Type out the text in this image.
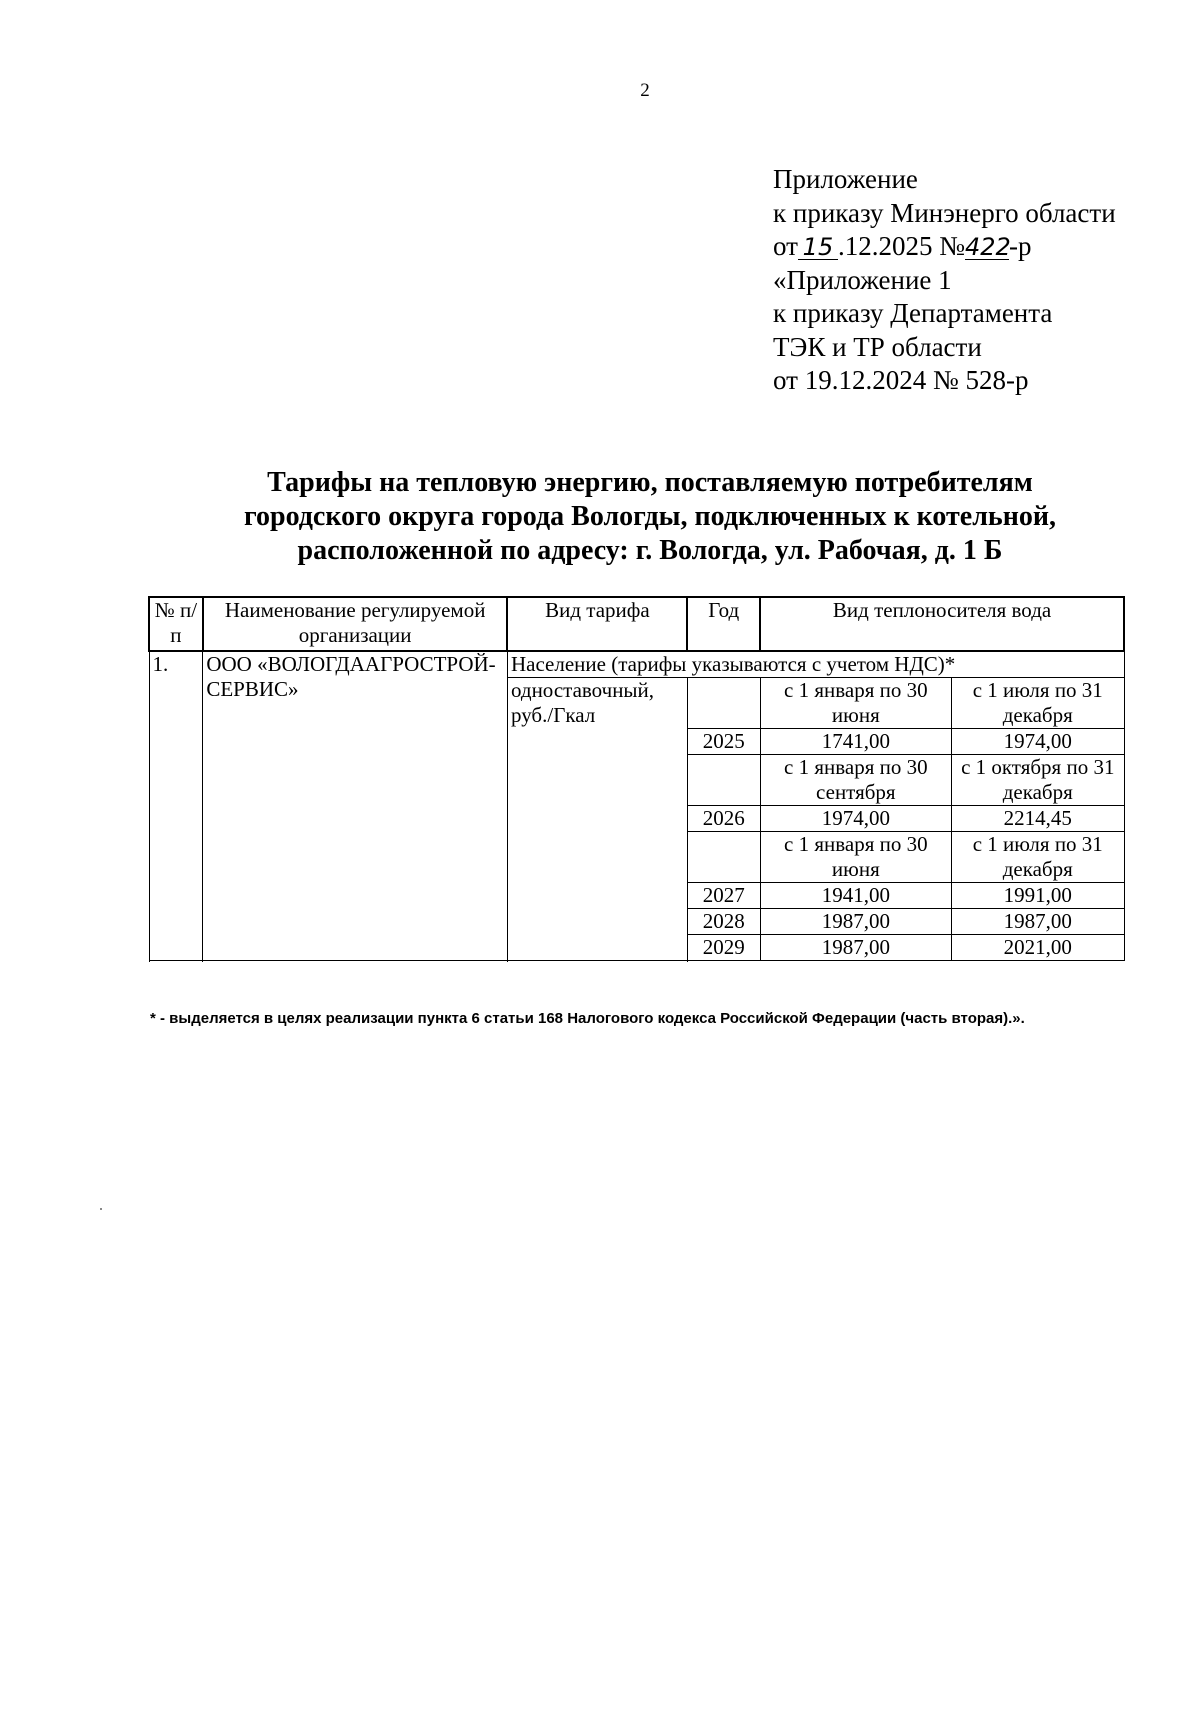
2
Приложение
к приказу Минэнерго области
от 15 .12.2025 №422-р
«Приложение 1
к приказу Департамента
ТЭК и ТР области
от 19.12.2024 № 528-р
Тарифы на тепловую энергию, поставляемую потребителям
городского округа города Вологды, подключенных к котельной,
расположенной по адресу: г. Вологда, ул. Рабочая, д. 1 Б
№ п/п	Наименование регулируемой организации	Вид тарифа	Год	Вид теплоносителя вода	
1.	ООО «ВОЛОГДААГРОСТРОЙ-СЕРВИС»	Население (тарифы указываются с учетом НДС)*			
		одноставочный, руб./Гкал		с 1 января по 30 июня	с 1 июля по 31 декабря
			2025	1741,00	1974,00
				с 1 января по 30 сентября	с 1 октября по 31 декабря
			2026	1974,00	2214,45
				с 1 января по 30 июня	с 1 июля по 31 декабря
			2027	1941,00	1991,00
			2028	1987,00	1987,00
			2029	1987,00	2021,00

* - выделяется в целях реализации пункта 6 статьи 168 Налогового кодекса Российской Федерации (часть вторая).».
